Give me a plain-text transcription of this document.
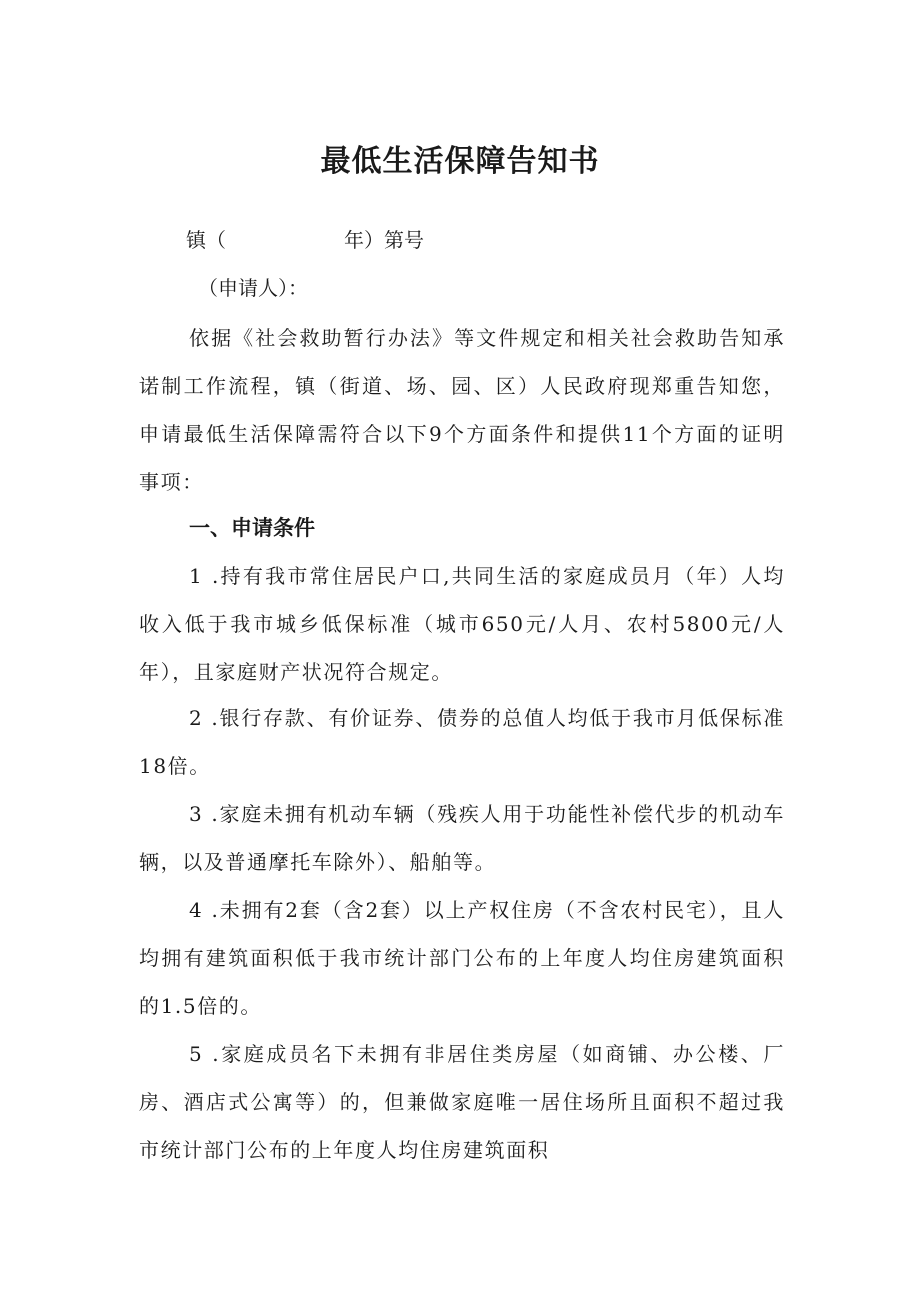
最低生活保障告知书
镇（	年）第号
（申请人）：

依据《社会救助暂行办法》等文件规定和相关社会救助告知承诺制工作流程，镇（街道、场、园、区）人民政府现郑重告知您，申请最低生活保障需符合以下9个方面条件和提供11个方面的证明事项：

一、申请条件

1 .持有我市常住居民户口,共同生活的家庭成员月（年）人均收入低于我市城乡低保标准（城市650元/人月、农村5800元/人年），且家庭财产状况符合规定。

2 .银行存款、有价证券、债券的总值人均低于我市月低保标准18倍。

3 .家庭未拥有机动车辆（残疾人用于功能性补偿代步的机动车辆，以及普通摩托车除外）、船舶等。

4 .未拥有2套（含2套）以上产权住房（不含农村民宅），且人均拥有建筑面积低于我市统计部门公布的上年度人均住房建筑面积的1.5倍的。

5 .家庭成员名下未拥有非居住类房屋（如商铺、办公楼、厂房、酒店式公寓等）的，但兼做家庭唯一居住场所且面积不超过我市统计部门公布的上年度人均住房建筑面积
